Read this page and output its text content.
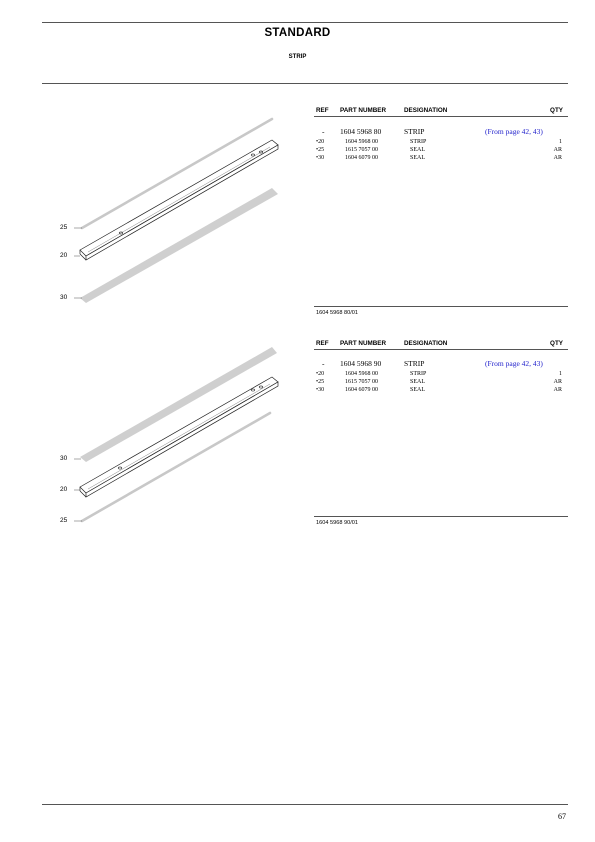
STANDARD
STRIP
25
20
30
REF PART NUMBER	DESIGNATION	QTY
- 1604 5968 80	STRIP	(From page 42, 43)
•20	1604 5968 00	STRIP	1
•25	1615 7057 00	SEAL	AR
•30	1604 6079 00	SEAL	AR
1604 5968 80/01
30
20
25
REF PART NUMBER	DESIGNATION	QTY
- 1604 5968 90	STRIP	(From page 42, 43)
•20	1604 5968 00	STRIP	1
•25	1615 7057 00	SEAL	AR
•30	1604 6079 00	SEAL	AR
1604 5968 90/01
67
